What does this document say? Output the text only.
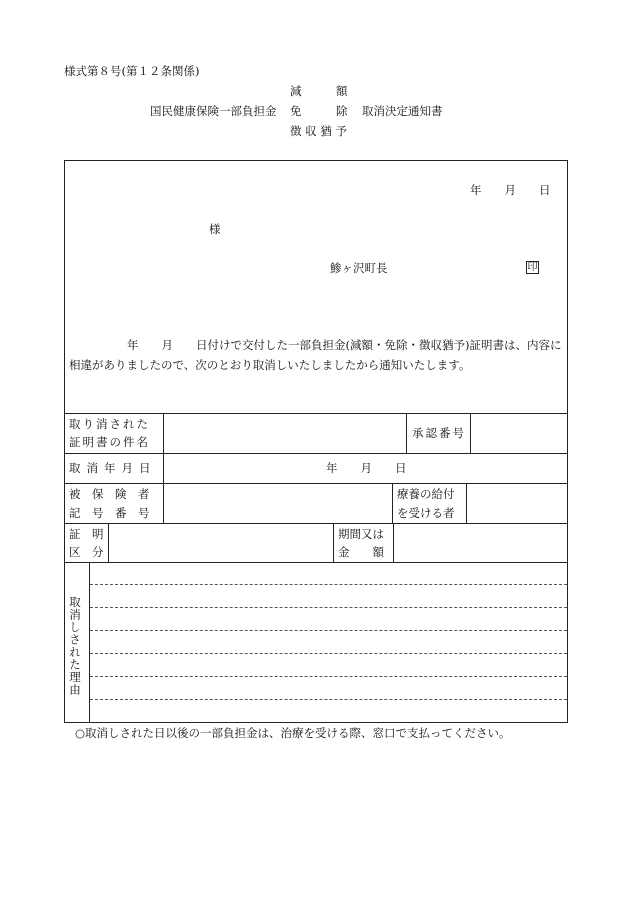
様式第８号(第１２条関係)
減　　　額
国民健康保険一部負担金 免　　　除 取消決定通知書
徴 収 猶 予
年　　月　　日
様
鯵ヶ沢町長	印
年　　月　　日付けで交付した一部負担金(減額・免除・徴収猶予)証明書は、内容に
相違がありましたので、次のとおり取消しいたしましたから通知いたします。
取り消された
証明書の件名
承認番号
取消年月日	年　　月　　日
被　保　険　者
記　号　番　号
療養の給付
を受ける者
証　明
区　分
期間又は
金　　額
取消しされた理由
○取消しされた日以後の一部負担金は、治療を受ける際、窓口で支払ってください。
